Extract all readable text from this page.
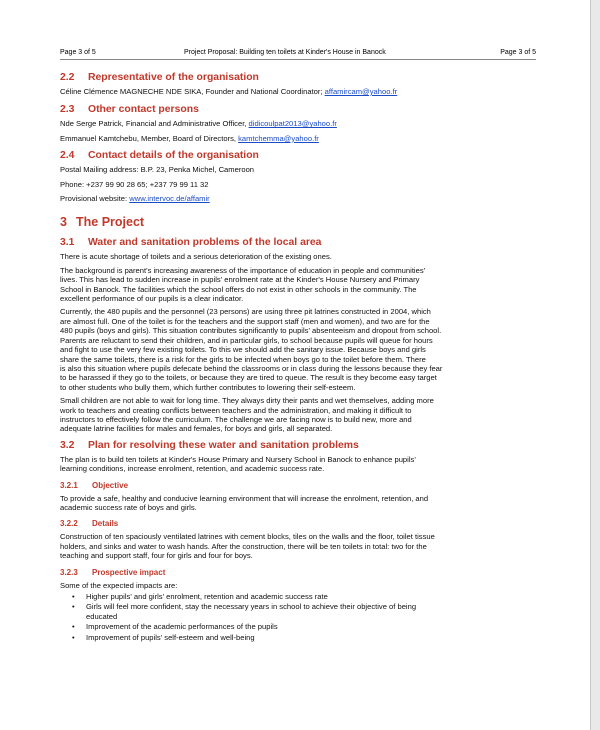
Page 3 of 5	Project Proposal: Building ten toilets at Kinder's House in Banock	Page 3 of 5
2.2 Representative of the organisation
Céline Clémence MAGNECHE NDE SIKA, Founder and National Coordinator; affamircam@yahoo.fr
2.3 Other contact persons
Nde Serge Patrick, Financial and Administrative Officer, didicoulpat2013@yahoo.fr
Emmanuel Kamtchebu, Member, Board of Directors, kamtchemma@yahoo.fr
2.4 Contact details of the organisation
Postal Mailing address: B.P. 23, Penka Michel, Cameroon
Phone: +237 99 90 28 65; +237 79 99 11 32
Provisional website: www.intervoc.de/affamir
3 The Project
3.1 Water and sanitation problems of the local area
There is acute shortage of toilets and a serious deterioration of the existing ones.
The background is parent's increasing awareness of the importance of education in people and communities'
lives. This has lead to sudden increase in pupils' enrolment rate at the Kinder's House Nursery and Primary
School in Banock. The facilities which the school offers do not exist in other schools in the community. The
excellent performance of our pupils is a clear indicator.
Currently, the 480 pupils and the personnel (23 persons) are using three pit latrines constructed in 2004, which
are almost full. One of the toilet is for the teachers and the support staff (men and women), and two are for the
480 pupils (boys and girls). This situation contributes significantly to pupils' absenteeism and dropout from school.
Parents are reluctant to send their children, and in particular girls, to school because pupils will queue for hours
and fight to use the very few existing toilets. To this we should add the sanitary issue. Because boys and girls
share the same toilets, there is a risk for the girls to be infected when boys go to the toilet before them. There
is also this situation where pupils defecate behind the classrooms or in class during the lessons because they fear
to be harassed if they go to the toilets, or because they are tired to queue. The result is they become easy target
to other students who bully them, which further contributes to lowering their self-esteem.
Small children are not able to wait for long time. They always dirty their pants and wet themselves, adding more
work to teachers and creating conflicts between teachers and the administration, and making it difficult to
instructors to effectively follow the curriculum. The challenge we are facing now is to build new, more and
adequate latrine facilities for males and females, for boys and girls, all separated.
3.2 Plan for resolving these water and sanitation problems
The plan is to build ten toilets at Kinder's House Primary and Nursery School in Banock to enhance pupils'
learning conditions, increase enrolment, retention, and academic success rate.
3.2.1 Objective
To provide a safe, healthy and conducive learning environment that will increase the enrolment, retention, and
academic success rate of boys and girls.
3.2.2 Details
Construction of ten spaciously ventilated latrines with cement blocks, tiles on the walls and the floor, toilet tissue
holders, and sinks and water to wash hands. After the construction, there will be ten toilets in total: two for the
teaching and support staff, four for girls and four for boys.
3.2.3 Prospective impact
Some of the expected impacts are:
• Higher pupils' and girls' enrolment, retention and academic success rate
• Girls will feel more confident, stay the necessary years in school to achieve their objective of being
educated
• Improvement of the academic performances of the pupils
• Improvement of pupils' self-esteem and well-being
